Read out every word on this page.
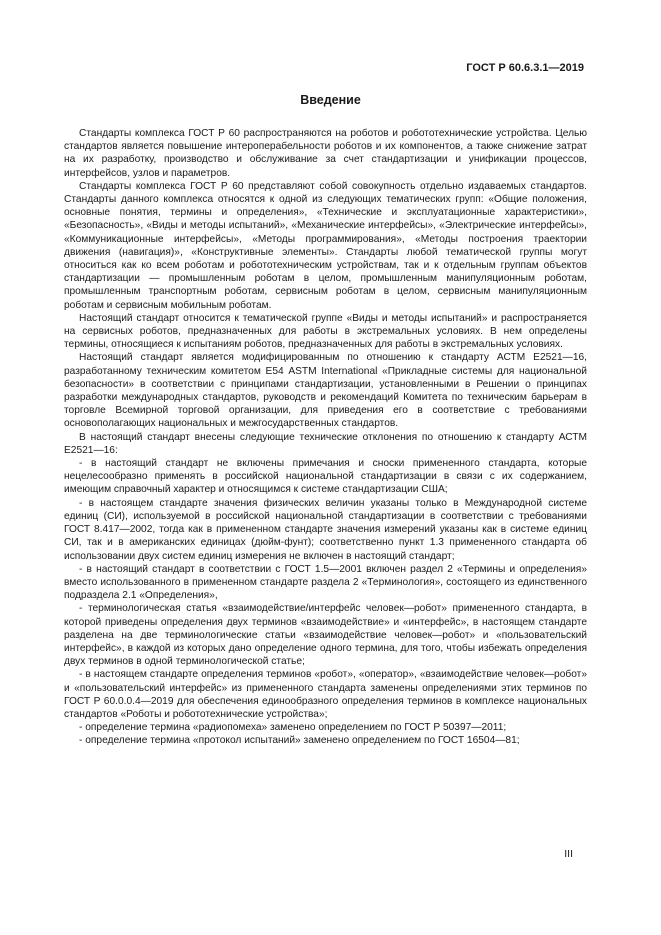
ГОСТ Р 60.6.3.1—2019
Введение

Стандарты комплекса ГОСТ Р 60 распространяются на роботов и робототехнические устройства. Целью стандартов является повышение интероперабельности роботов и их компонентов, а также снижение затрат на их разработку, производство и обслуживание за счет стандартизации и унификации процессов, интерфейсов, узлов и параметров.

Стандарты комплекса ГОСТ Р 60 представляют собой совокупность отдельно издаваемых стандартов. Стандарты данного комплекса относятся к одной из следующих тематических групп: «Общие положения, основные понятия, термины и определения», «Технические и эксплуатационные характеристики», «Безопасность», «Виды и методы испытаний», «Механические интерфейсы», «Электрические интерфейсы», «Коммуникационные интерфейсы», «Методы программирования», «Методы построения траектории движения (навигация)», «Конструктивные элементы». Стандарты любой тематической группы могут относиться как ко всем роботам и робототехническим устройствам, так и к отдельным группам объектов стандартизации — промышленным роботам в целом, промышленным манипуляционным роботам, промышленным транспортным роботам, сервисным роботам в целом, сервисным манипуляционным роботам и сервисным мобильным роботам.

Настоящий стандарт относится к тематической группе «Виды и методы испытаний» и распространяется на сервисных роботов, предназначенных для работы в экстремальных условиях. В нем определены термины, относящиеся к испытаниям роботов, предназначенных для работы в экстремальных условиях.

Настоящий стандарт является модифицированным по отношению к стандарту АСТМ Е2521—16, разработанному техническим комитетом Е54 ASTM International «Прикладные системы для национальной безопасности» в соответствии с принципами стандартизации, установленными в Решении о принципах разработки международных стандартов, руководств и рекомендаций Комитета по техническим барьерам в торговле Всемирной торговой организации, для приведения его в соответствие с требованиями основополагающих национальных и межгосударственных стандартов.

В настоящий стандарт внесены следующие технические отклонения по отношению к стандарту АСТМ Е2521—16:

- в настоящий стандарт не включены примечания и сноски примененного стандарта, которые нецелесообразно применять в российской национальной стандартизации в связи с их содержанием, имеющим справочный характер и относящимся к системе стандартизации США;

- в настоящем стандарте значения физических величин указаны только в Международной системе единиц (СИ), используемой в российской национальной стандартизации в соответствии с требованиями ГОСТ 8.417—2002, тогда как в примененном стандарте значения измерений указаны как в системе единиц СИ, так и в американских единицах (дюйм-фунт); соответственно пункт 1.3 примененного стандарта об использовании двух систем единиц измерения не включен в настоящий стандарт;

- в настоящий стандарт в соответствии с ГОСТ 1.5—2001 включен раздел 2 «Термины и определения» вместо использованного в примененном стандарте раздела 2 «Терминология», состоящего из единственного подраздела 2.1 «Определения»,

- терминологическая статья «взаимодействие/интерфейс человек—робот» примененного стандарта, в которой приведены определения двух терминов «взаимодействие» и «интерфейс», в настоящем стандарте разделена на две терминологические статьи «взаимодействие человек—робот» и «пользовательский интерфейс», в каждой из которых дано определение одного термина, для того, чтобы избежать определения двух терминов в одной терминологической статье;

- в настоящем стандарте определения терминов «робот», «оператор», «взаимодействие человек—робот» и «пользовательский интерфейс» из примененного стандарта заменены определениями этих терминов по ГОСТ Р 60.0.0.4—2019 для обеспечения единообразного определения терминов в комплексе национальных стандартов «Роботы и робототехнические устройства»;

- определение термина «радиопомеха» заменено определением по ГОСТ Р 50397—2011;

- определение термина «протокол испытаний» заменено определением по ГОСТ 16504—81;

III
